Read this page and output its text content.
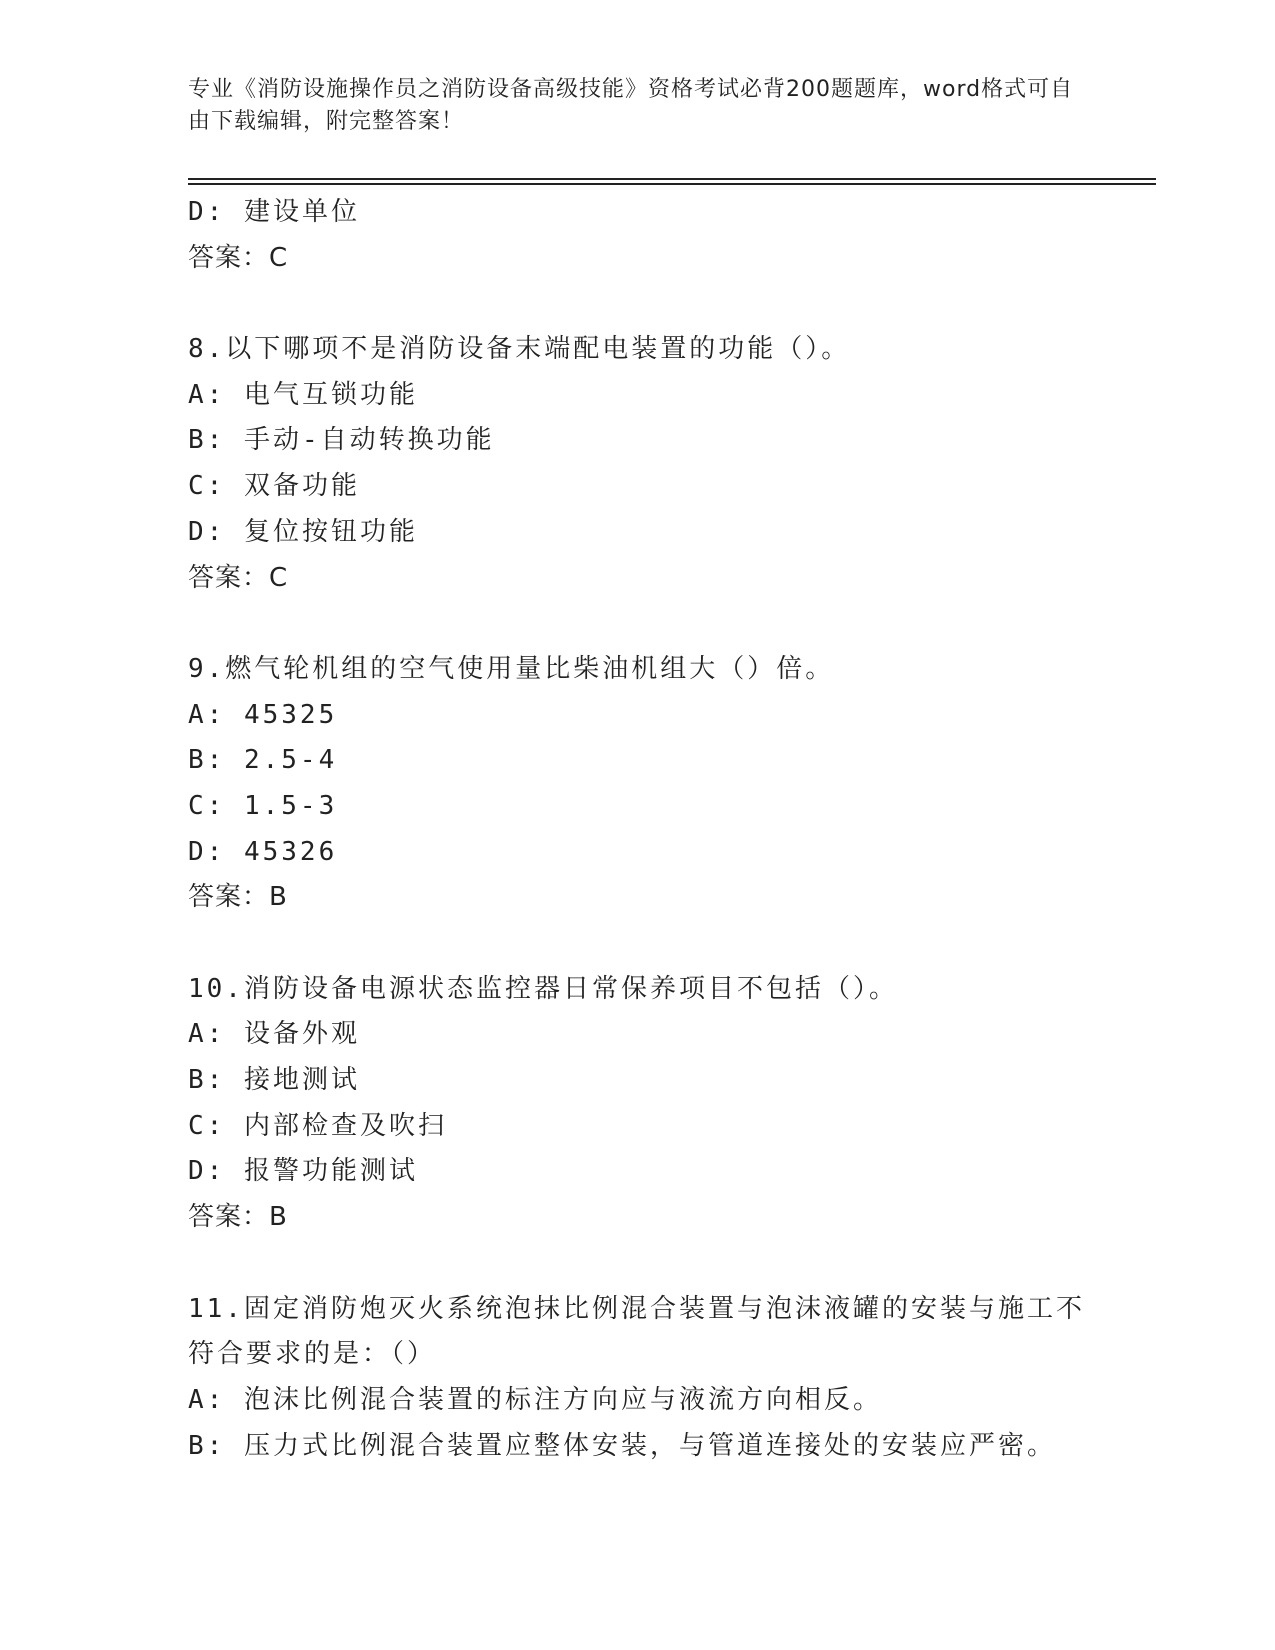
专业《消防设施操作员之消防设备高级技能》资格考试必背200题题库，word格式可自由下载编辑，附完整答案！
D: 建设单位
答案：C
8.以下哪项不是消防设备末端配电装置的功能（）。
A: 电气互锁功能
B: 手动-自动转换功能
C: 双备功能
D: 复位按钮功能
答案：C
9.燃气轮机组的空气使用量比柴油机组大（）倍。
A: 45325
B: 2.5-4
C: 1.5-3
D: 45326
答案：B
10.消防设备电源状态监控器日常保养项目不包括（）。
A: 设备外观
B: 接地测试
C: 内部检查及吹扫
D: 报警功能测试
答案：B
11.固定消防炮灭火系统泡抹比例混合装置与泡沫液罐的安装与施工不
符合要求的是：（）
A: 泡沫比例混合装置的标注方向应与液流方向相反。
B: 压力式比例混合装置应整体安装，与管道连接处的安装应严密。
